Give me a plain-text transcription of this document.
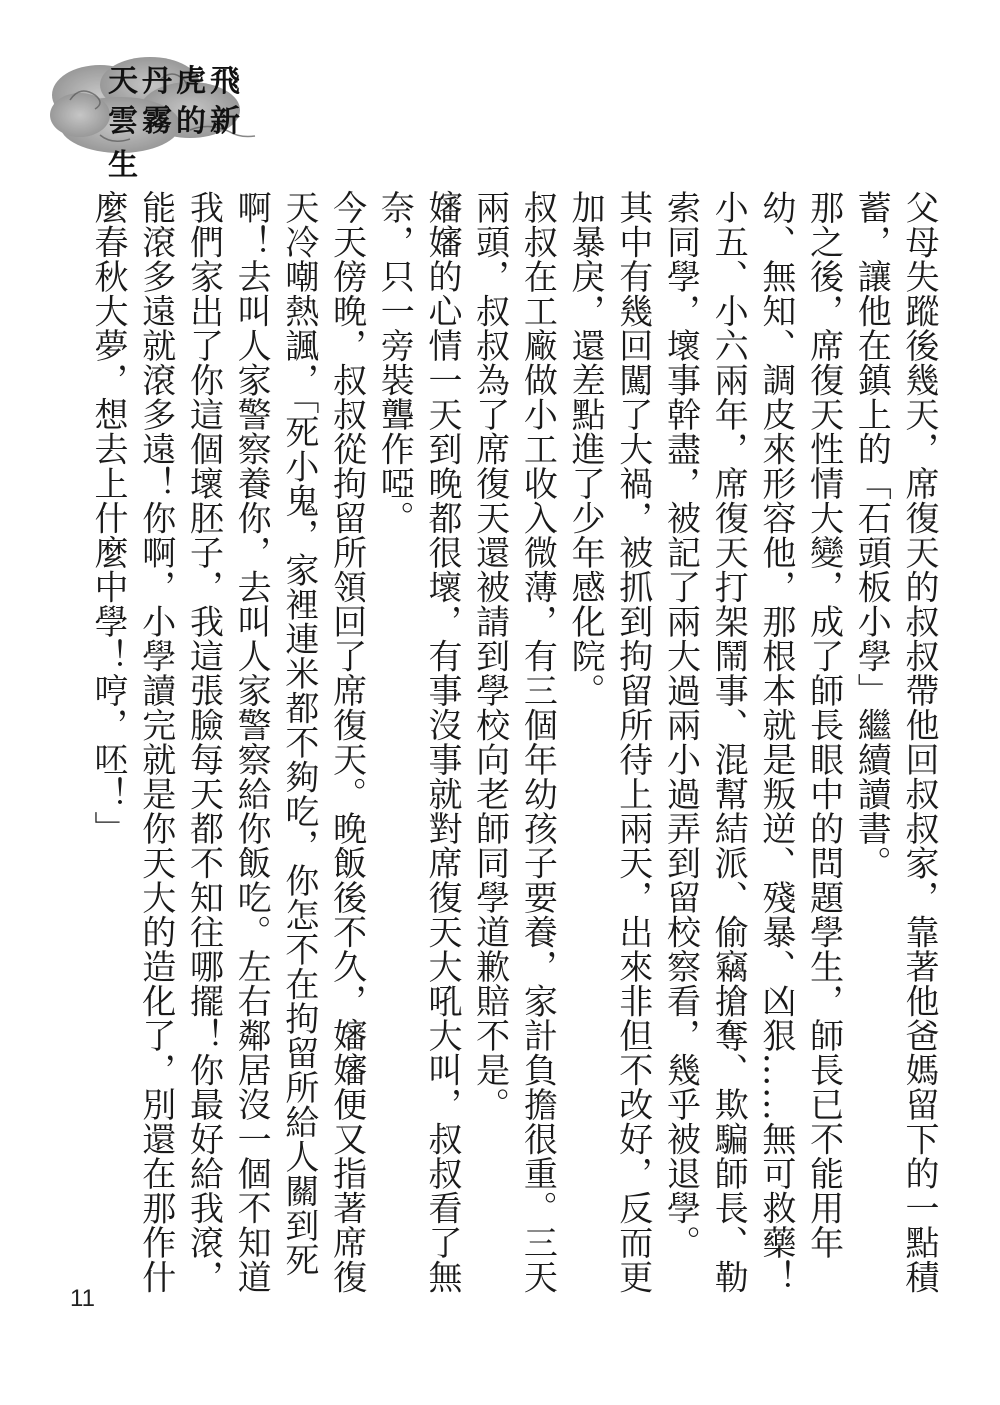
天丹虎飛
雲霧的新生

父母失蹤後幾天，席復天的叔叔帶他回叔叔家，靠著他爸媽留下的一點積蓄，讓他在鎮上的「石頭板小學」繼續讀書。

那之後，席復天性情大變，成了師長眼中的問題學生，師長已不能用年幼、無知、調皮來形容他，那根本就是叛逆、殘暴、凶狠……無可救藥！

小五、小六兩年，席復天打架鬧事、混幫結派、偷竊搶奪、欺騙師長、勒索同學，壞事幹盡，被記了兩大過兩小過弄到留校察看，幾乎被退學。

其中有幾回闖了大禍，被抓到拘留所待上兩天，出來非但不改好，反而更加暴戾，還差點進了少年感化院。

叔叔在工廠做小工收入微薄，有三個年幼孩子要養，家計負擔很重。三天兩頭，叔叔為了席復天還被請到學校向老師同學道歉賠不是。

嬸嬸的心情一天到晚都很壞，有事沒事就對席復天大吼大叫，叔叔看了無奈，只一旁裝聾作啞。

今天傍晚，叔叔從拘留所領回了席復天。晚飯後不久，嬸嬸便又指著席復天冷嘲熱諷，「死小鬼，家裡連米都不夠吃，你怎不在拘留所給人關到死啊！去叫人家警察養你，去叫人家警察給你飯吃。左右鄰居沒一個不知道我們家出了你這個壞胚子，我這張臉每天都不知往哪擺！你最好給我滾，能滾多遠就滾多遠！你啊，小學讀完就是你天大的造化了，別還在那作什麼春秋大夢，想去上什麼中學！哼，呸！」

11
